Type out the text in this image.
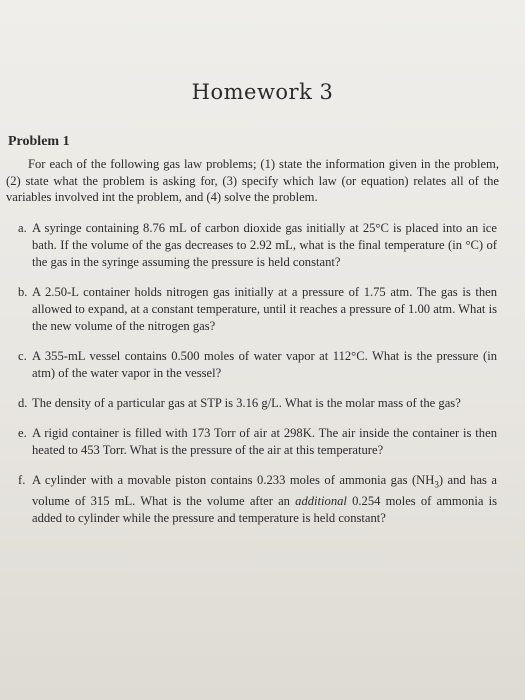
Homework 3
Problem 1
For each of the following gas law problems; (1) state the information given in the problem, (2) state what the problem is asking for, (3) specify which law (or equation) relates all of the variables involved int the problem, and (4) solve the problem.
a. A syringe containing 8.76 mL of carbon dioxide gas initially at 25°C is placed into an ice bath. If the volume of the gas decreases to 2.92 mL, what is the final temperature (in °C) of the gas in the syringe assuming the pressure is held constant?
b. A 2.50-L container holds nitrogen gas initially at a pressure of 1.75 atm. The gas is then allowed to expand, at a constant temperature, until it reaches a pressure of 1.00 atm. What is the new volume of the nitrogen gas?
c. A 355-mL vessel contains 0.500 moles of water vapor at 112°C. What is the pressure (in atm) of the water vapor in the vessel?
d. The density of a particular gas at STP is 3.16 g/L. What is the molar mass of the gas?
e. A rigid container is filled with 173 Torr of air at 298K. The air inside the container is then heated to 453 Torr. What is the pressure of the air at this temperature?
f. A cylinder with a movable piston contains 0.233 moles of ammonia gas $(NH_3)$ and has a volume of 315 mL. What is the volume after an additional 0.254 moles of ammonia is added to cylinder while the pressure and temperature is held constant?
